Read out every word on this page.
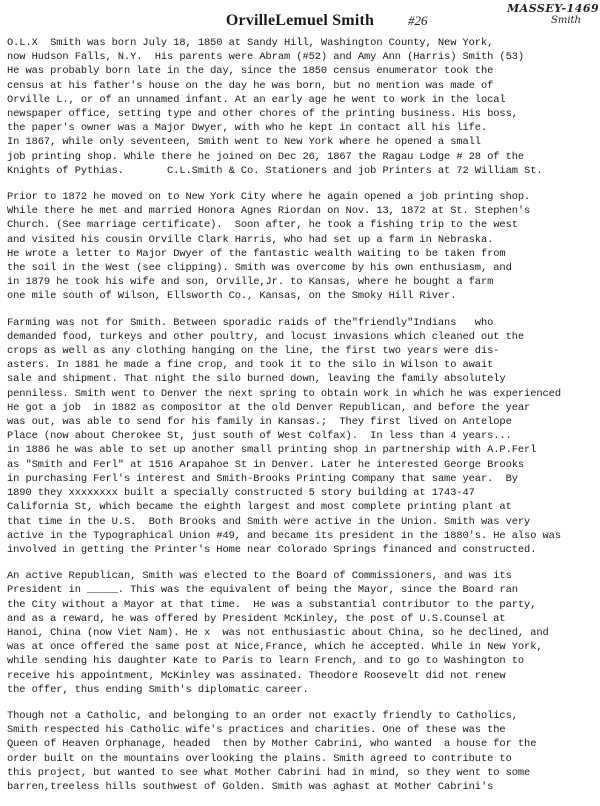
OrvilleLemuel Smith	#26
MASSEY-1469
Smith
O.L.X  Smith was born July 18, 1850 at Sandy Hill, Washington County, New York,
now Hudson Falls, N.Y.  His parents were Abram (#52) and Amy Ann (Harris) Smith (53)
He was probably born late in the day, since the 1850 census enumerator took the
census at his father's house on the day he was born, but no mention was made of
Orville L., or of an unnamed infant. At an early age he went to work in the local
newspaper office, setting type and other chores of the printing business. His boss,
the paper's owner was a Major Dwyer, with who he kept in contact all his life.
In 1867, while only seventeen, Smith went to New York where he opened a small
job printing shop. While there he joined on Dec 26, 1867 the Ragau Lodge # 28 of the
Knights of Pythias.       C.L.Smith & Co. Stationers and job Printers at 72 William St.
Prior to 1872 he moved on to New York City where he again opened a job printing shop.
While there he met and married Honora Agnes Riordan on Nov. 13, 1872 at St. Stephen's
Church. (See marriage certificate).  Soon after, he took a fishing trip to the west
and visited his cousin Orville Clark Harris, who had set up a farm in Nebraska.
He wrote a letter to Major Dwyer of the fantastic wealth waiting to be taken from
the soil in the West (see clipping). Smith was overcome by his own enthusiasm, and
in 1879 he took his wife and son, Orville,Jr. to Kansas, where he bought a farm
one mile south of Wilson, Ellsworth Co., Kansas, on the Smoky Hill River.
Farming was not for Smith. Between sporadic raids of the"friendly"Indians   who
demanded food, turkeys and other poultry, and locust invasions which cleaned out the
crops as well as any clothing hanging on the line, the first two years were dis-
asters. In 1881 he made a fine crop, and took it to the silo in Wilson to await
sale and shipment. That night the silo burned down, leaving the family absolutely
penniless. Smith went to Denver the next spring to obtain work in which he was experienced
He got a job  in 1882 as compositor at the old Denver Republican, and before the year
was out, was able to send for his family in Kansas.;  They first lived on Antelope
Place (now about Cherokee St, just south of West Colfax).  In less than 4 years...
in 1886 he was able to set up another small printing shop in partnership with A.P.Ferl
as "Smith and Ferl" at 1516 Arapahoe St in Denver. Later he interested George Brooks
in purchasing Ferl's interest and Smith-Brooks Printing Company that same year.  By
1890 they xxxxxxxx built a specially constructed 5 story building at 1743-47
California St, which became the eighth largest and most complete printing plant at
that time in the U.S.  Both Brooks and Smith were active in the Union. Smith was very
active in the Typographical Union #49, and became its president in the 1880's. He also was
involved in getting the Printer's Home near Colorado Springs financed and constructed.
An active Republican, Smith was elected to the Board of Commissioners, and was its
President in _____. This was the equivalent of being the Mayor, since the Board ran
the City without a Mayor at that time.  He was a substantial contributor to the party,
and as a reward, he was offered by President McKinley, the post of U.S.Counsel at
Hanoi, China (now Viet Nam). He x  was not enthusiastic about China, so he declined, and
was at once offered the same post at Nice,France, which he accepted. While in New York,
while sending his daughter Kate to Paris to learn French, and to go to Washington to
receive his appointment, McKinley was assinated. Theodore Roosevelt did not renew
the offer, thus ending Smith's diplomatic career.
Though not a Catholic, and belonging to an order not exactly friendly to Catholics,
Smith respected his Catholic wife's practices and charities. One of these was the
Queen of Heaven Orphanage, headed  then by Mother Cabrini, who wanted  a house for the
order built on the mountains overlooking the plains. Smith agreed to contribute to
this project, but wanted to see what Mother Cabrini had in mind, so they went to some
barren,treeless hills southwest of Golden. Smith was aghast at Mother Cabrini's
